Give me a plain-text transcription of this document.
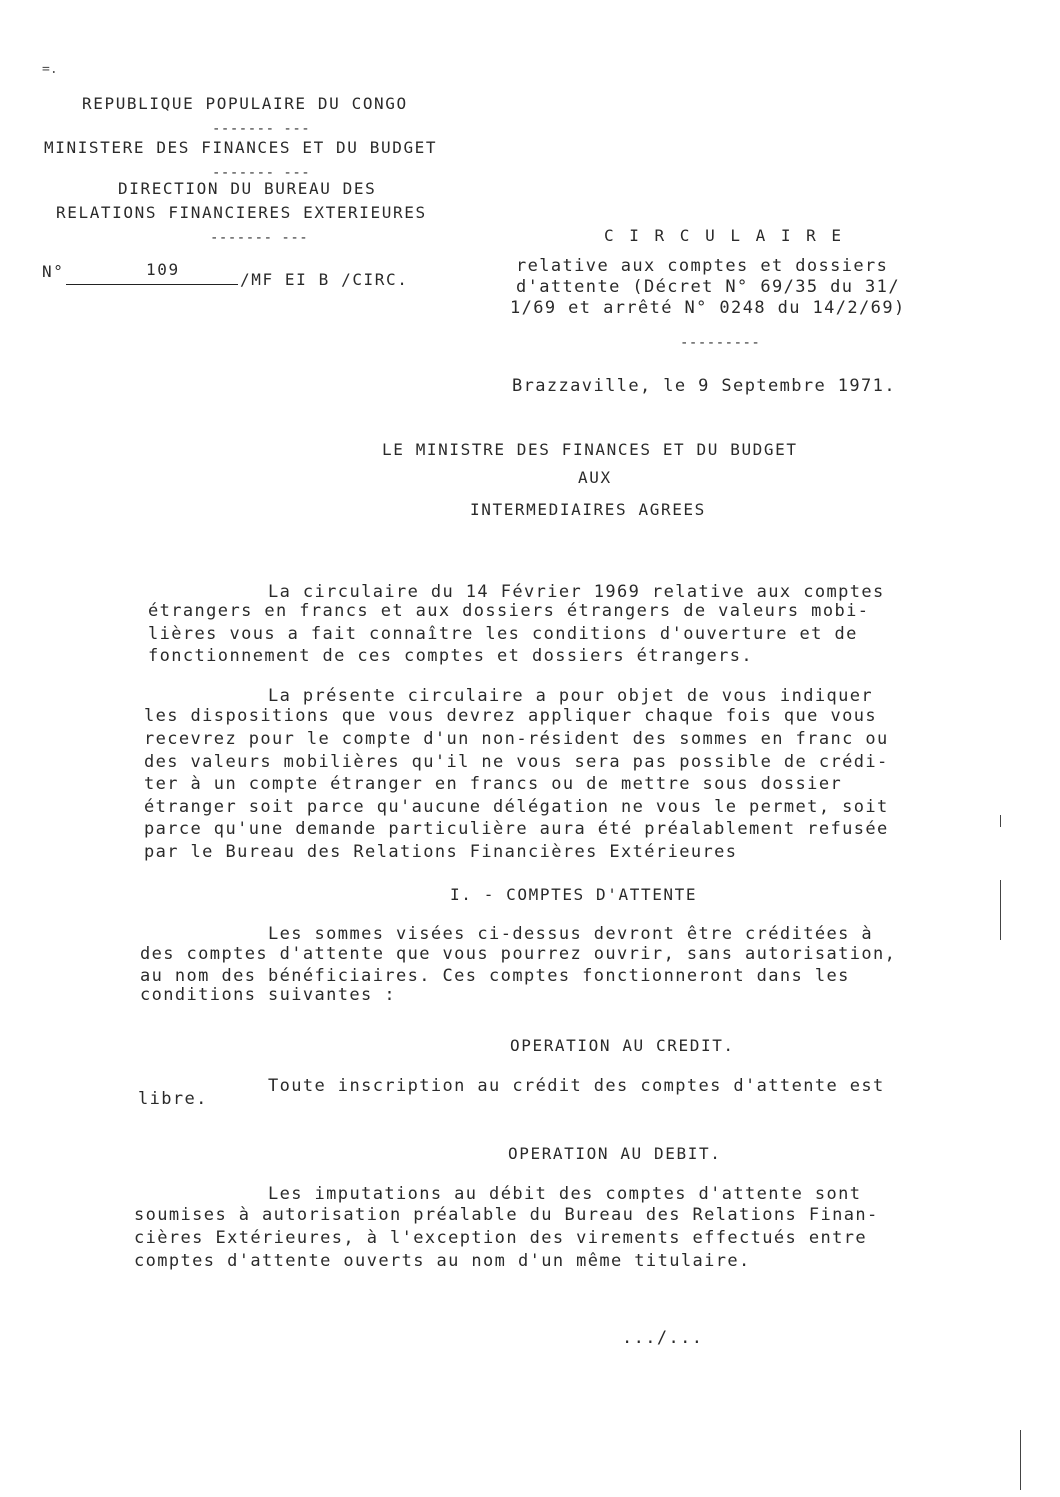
=.
REPUBLIQUE POPULAIRE DU CONGO
------- ---
MINISTERE DES FINANCES ET DU BUDGET
------- ---
DIRECTION DU BUREAU DES
RELATIONS FINANCIERES EXTERIEURES
------- ---
N°	109
/MF EI B /CIRC.
C I R C U L A I R E
relative aux comptes et dossiers
d'attente (Décret N° 69/35 du 31/
1/69 et arrêté N° 0248 du 14/2/69)
---------
Brazzaville, le 9 Septembre 1971.
LE MINISTRE DES FINANCES ET DU BUDGET
AUX
INTERMEDIAIRES AGREES
La circulaire du 14 Février 1969 relative aux comptes
étrangers en francs et aux dossiers étrangers de valeurs mobi-
lières vous a fait connaître les conditions d'ouverture et de
fonctionnement de ces comptes et dossiers étrangers.
La présente circulaire a pour objet de vous indiquer
les dispositions que vous devrez appliquer chaque fois que vous
recevrez pour le compte d'un non-résident des sommes en franc ou
des valeurs mobilières qu'il ne vous sera pas possible de crédi-
ter à un compte étranger en francs ou de mettre sous dossier
étranger soit parce qu'aucune délégation ne vous le permet, soit
parce qu'une demande particulière aura été préalablement refusée
par le Bureau des Relations Financières Extérieures
I. - COMPTES D'ATTENTE
Les sommes visées ci-dessus devront être créditées à
des comptes d'attente que vous pourrez ouvrir, sans autorisation,
au nom des bénéficiaires. Ces comptes fonctionneront dans les
conditions suivantes :
OPERATION AU CREDIT.
Toute inscription au crédit des comptes d'attente est
libre.
OPERATION AU DEBIT.
Les imputations au débit des comptes d'attente sont
soumises à autorisation préalable du Bureau des Relations Finan-
cières Extérieures, à l'exception des virements effectués entre
comptes d'attente ouverts au nom d'un même titulaire.
.../...
